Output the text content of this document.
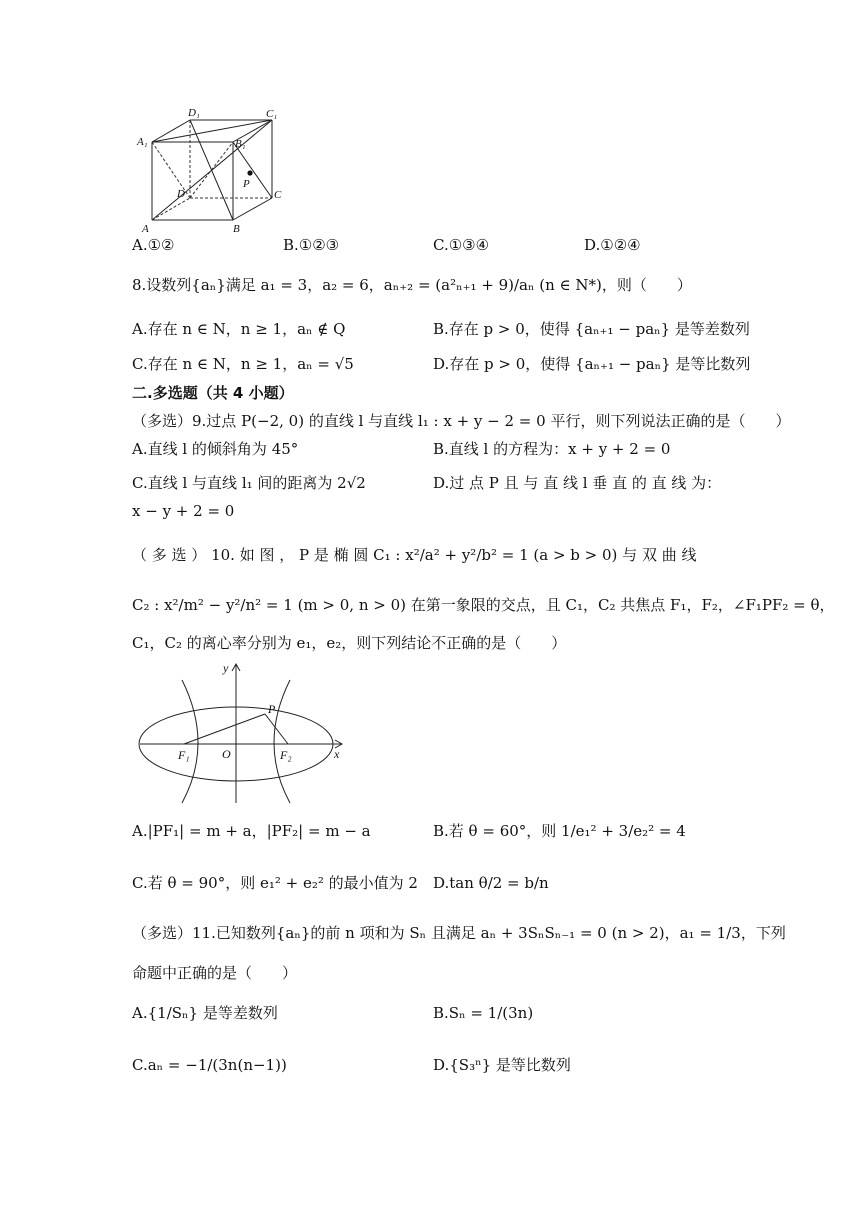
D₁	C₁
A₁	B₁
D
P
C
A	B
A.①②	B.①②③	C.①③④	D.①②④
8.设数列{aₙ}满足 a₁ = 3，a₂ = 6，aₙ₊₂ = (a²ₙ₊₁ + 9)/aₙ (n ∈ N*)，则（　　）
A.存在 n ∈ N，n ≥ 1，aₙ ∉ Q	B.存在 p > 0，使得 {aₙ₊₁ − paₙ} 是等差数列
C.存在 n ∈ N，n ≥ 1，aₙ = √5	D.存在 p > 0，使得 {aₙ₊₁ − paₙ} 是等比数列
二.多选题（共 4 小题）
（多选）9.过点 P(−2, 0) 的直线 l 与直线 l₁ : x + y − 2 = 0 平行，则下列说法正确的是（　　）
A.直线 l 的倾斜角为 45°	B.直线 l 的方程为：x + y + 2 = 0
C.直线 l 与直线 l₁ 间的距离为 2√2	D.过 点 P 且 与 直 线 l 垂 直 的 直 线 为：
x − y + 2 = 0
（ 多 选 ） 10. 如 图 ， P 是 椭 圆 C₁ : x²/a² + y²/b² = 1 (a > b > 0) 与 双 曲 线
C₂ : x²/m² − y²/n² = 1 (m > 0, n > 0) 在第一象限的交点，且 C₁，C₂ 共焦点 F₁，F₂，∠F₁PF₂ = θ，
C₁，C₂ 的离心率分别为 e₁，e₂，则下列结论不正确的是（　　）
y
x
P
O
F₁	F₂
A.|PF₁| = m + a，|PF₂| = m − a	B.若 θ = 60°，则 1/e₁² + 3/e₂² = 4
C.若 θ = 90°，则 e₁² + e₂² 的最小值为 2 D.tan θ/2 = b/n
（多选）11.已知数列{aₙ}的前 n 项和为 Sₙ 且满足 aₙ + 3SₙSₙ₋₁ = 0 (n > 2)，a₁ = 1/3，下列
命题中正确的是（　　）
A.{1/Sₙ} 是等差数列	B.Sₙ = 1/(3n)
C.aₙ = −1/(3n(n−1))	D.{S₃ⁿ} 是等比数列
